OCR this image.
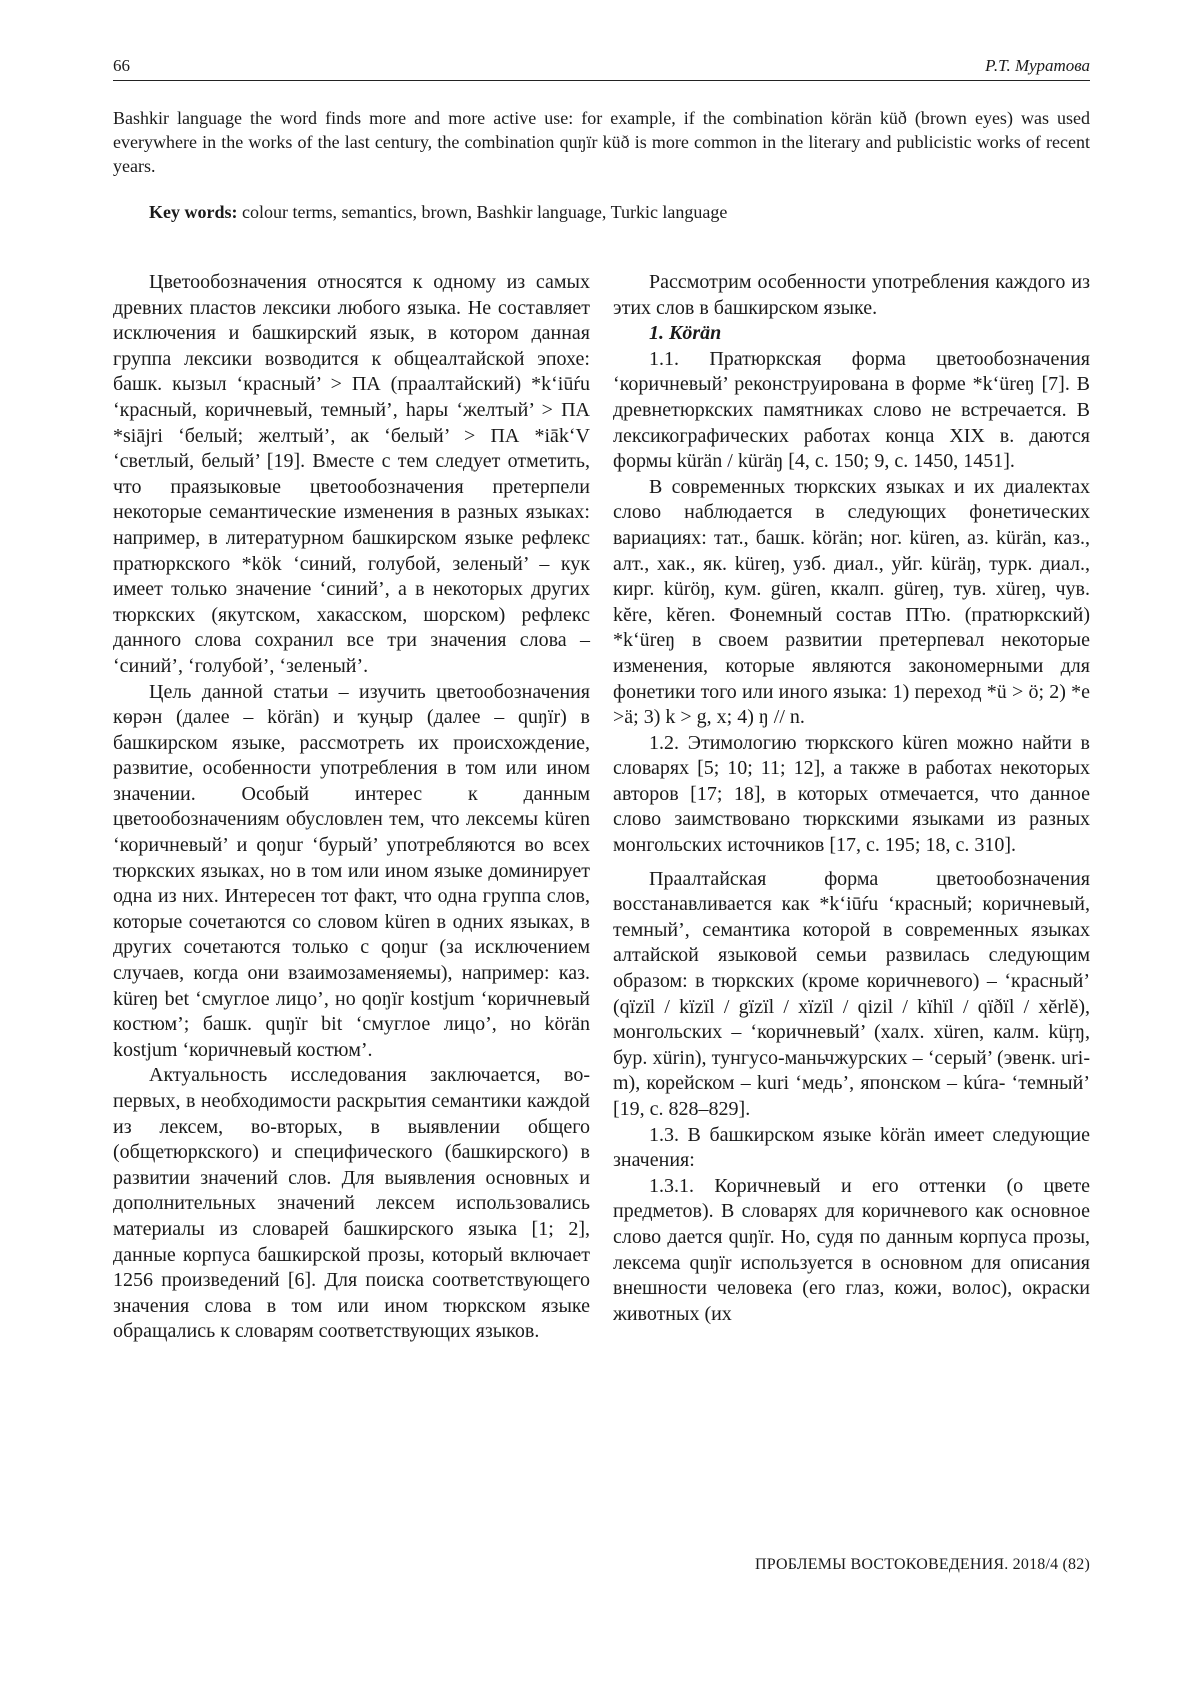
66	Р.Т. Муратова
Bashkir language the word finds more and more active use: for example, if the combination körän küð (brown eyes) was used everywhere in the works of the last century, the combination quŋïr küð is more common in the literary and publicistic works of recent years.
Key words: colour terms, semantics, brown, Bashkir language, Turkic language

Цветообозначения относятся к одному из самых древних пластов лексики любого языка. Не составляет исключения и башкирский язык, в котором данная группа лексики возводится к общеалтайской эпохе: башк. кызыл ‘красный’ > ПА (праалтайский) *k‘iūŕu ‘красный, коричневый, темный’, һары ‘желтый’ > ПА *siājri ‘белый; желтый’, ак ‘белый’ > ПА *iāk‘V ‘светлый, белый’ [19]. Вместе с тем следует отметить, что праязыковые цветообозначения претерпели некоторые семантические изменения в разных языках: например, в литературном башкирском языке рефлекс пратюркского *kök ‘синий, голубой, зеленый’ – кук имеет только значение ‘синий’, а в некоторых других тюркских (якутском, хакасском, шорском) рефлекс данного слова сохранил все три значения слова – ‘синий’, ‘голубой’, ‘зеленый’.

Цель данной статьи – изучить цветообозначения көрән (далее – körän) и ҡуңыр (далее – quŋïr) в башкирском языке, рассмотреть их происхождение, развитие, особенности употребления в том или ином значении. Особый интерес к данным цветообозначениям обусловлен тем, что лексемы küren ‘коричневый’ и qoŋur ‘бурый’ употребляются во всех тюркских языках, но в том или ином языке доминирует одна из них. Интересен тот факт, что одна группа слов, которые сочетаются со словом küren в одних языках, в других сочетаются только с qoŋur (за исключением случаев, когда они взаимозаменяемы), например: каз. küreŋ bet ‘смуглое лицо’, но qoŋïr kostjum ‘коричневый костюм’; башк. quŋïr bit ‘смуглое лицо’, но körän kostjum ‘коричневый костюм’.

Актуальность исследования заключается, во-первых, в необходимости раскрытия семантики каждой из лексем, во-вторых, в выявлении общего (общетюркского) и специфического (башкирского) в развитии значений слов. Для выявления основных и дополнительных значений лексем использовались материалы из словарей башкирского языка [1; 2], данные корпуса башкирской прозы, который включает 1256 произведений [6]. Для поиска соответствующего значения слова в том или ином тюркском языке обращались к словарям соответствующих языков.

Рассмотрим особенности употребления каждого из этих слов в башкирском языке.

1. Körän

1.1. Пратюркская форма цветообозначения ‘коричневый’ реконструирована в форме *k‘üreŋ [7]. В древнетюркских памятниках слово не встречается. В лексикографических работах конца XIX в. даются формы kürän / küräŋ [4, с. 150; 9, с. 1450, 1451].

В современных тюркских языках и их диалектах слово наблюдается в следующих фонетических вариациях: тат., башк. körän; ног. küren, аз. kürän, каз., алт., хак., як. küreŋ, узб. диал., уйг. küräŋ, турк. диал., кирг. küröŋ, кум. güren, ккалп. güreŋ, тув. xüreŋ, чув. kĕre, kĕren. Фонемный состав ПТю. (пратюркский) *k‘üreŋ в своем развитии претерпевал некоторые изменения, которые являются закономерными для фонетики того или иного языка: 1) переход *ü > ö; 2) *e >ä; 3) k > g, x; 4) ŋ // n.

1.2. Этимологию тюркского küren можно найти в словарях [5; 10; 11; 12], а также в работах некоторых авторов [17; 18], в которых отмечается, что данное слово заимствовано тюркскими языками из разных монгольских источников [17, с. 195; 18, с. 310].

Праалтайская форма цветообозначения восстанавливается как *k‘iūŕu ‘красный; коричневый, темный’, семантика которой в современных языках алтайской языковой семьи развилась следующим образом: в тюркских (кроме коричневого) – ‘красный’ (qïzïl / kïzïl / gïzïl / xïzïl / qizil / kïhïl / qïðïl / xĕrlĕ), монгольских – ‘коричневый’ (халх. xüren, калм. küŗŋ, бур. xürin), тунгусо-маньчжурских – ‘серый’ (эвенк. uri-m), корейском – kuri ‘медь’, японском – kúra- ‘темный’ [19, с. 828–829].

1.3. В башкирском языке körän имеет следующие значения:

1.3.1. Коричневый и его оттенки (о цвете предметов). В словарях для коричневого как основное слово дается quŋïr. Но, судя по данным корпуса прозы, лексема quŋïr используется в основном для описания внешности человека (его глаз, кожи, волос), окраски животных (их

ПРОБЛЕМЫ ВОСТОКОВЕДЕНИЯ. 2018/4 (82)
